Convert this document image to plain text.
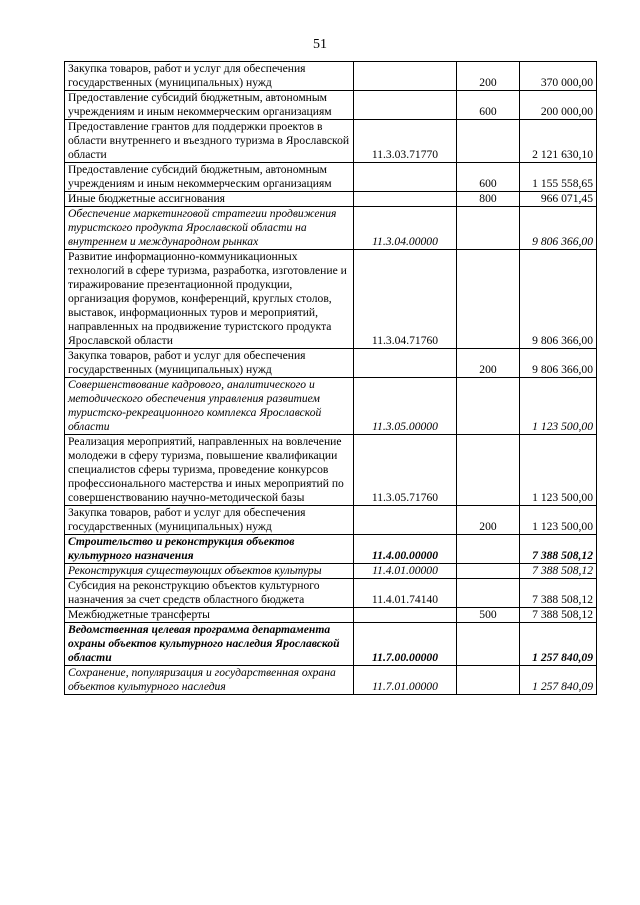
51
Закупка товаров, работ и услуг для обеспечения государственных (муниципальных) нужд		200	370 000,00
Предоставление субсидий бюджетным, автономным учреждениям и иным некоммерческим организациям		600	200 000,00
Предоставление грантов для поддержки проектов в области внутреннего и въездного туризма в Ярославской области	11.3.03.71770		2 121 630,10
Предоставление субсидий бюджетным, автономным учреждениям и иным некоммерческим организациям		600	1 155 558,65
Иные бюджетные ассигнования		800	966 071,45
Обеспечение маркетинговой стратегии продвижения туристского продукта Ярославской области на внутреннем и международном рынках	11.3.04.00000		9 806 366,00
Развитие информационно-коммуникационных технологий в сфере туризма, разработка, изготовление и тиражирование презентационной продукции, организация форумов, конференций, круглых столов, выставок, информационных туров и мероприятий, направленных на продвижение туристского продукта Ярославской области	11.3.04.71760		9 806 366,00
Закупка товаров, работ и услуг для обеспечения государственных (муниципальных) нужд		200	9 806 366,00
Совершенствование кадрового, аналитического и методического обеспечения управления развитием туристско-рекреационного комплекса Ярославской области	11.3.05.00000		1 123 500,00
Реализация мероприятий, направленных на вовлечение молодежи в сферу туризма, повышение квалификации специалистов сферы туризма, проведение конкурсов профессионального мастерства и иных мероприятий по совершенствованию научно-методической базы	11.3.05.71760		1 123 500,00
Закупка товаров, работ и услуг для обеспечения государственных (муниципальных) нужд		200	1 123 500,00
Строительство и реконструкция объектов культурного назначения	11.4.00.00000		7 388 508,12
Реконструкция существующих объектов культуры	11.4.01.00000		7 388 508,12
Субсидия на реконструкцию объектов культурного назначения за счет средств областного бюджета	11.4.01.74140		7 388 508,12
Межбюджетные трансферты		500	7 388 508,12
Ведомственная целевая программа департамента охраны объектов культурного наследия Ярославской области	11.7.00.00000		1 257 840,09
Сохранение, популяризация и государственная охрана объектов культурного наследия	11.7.01.00000		1 257 840,09
